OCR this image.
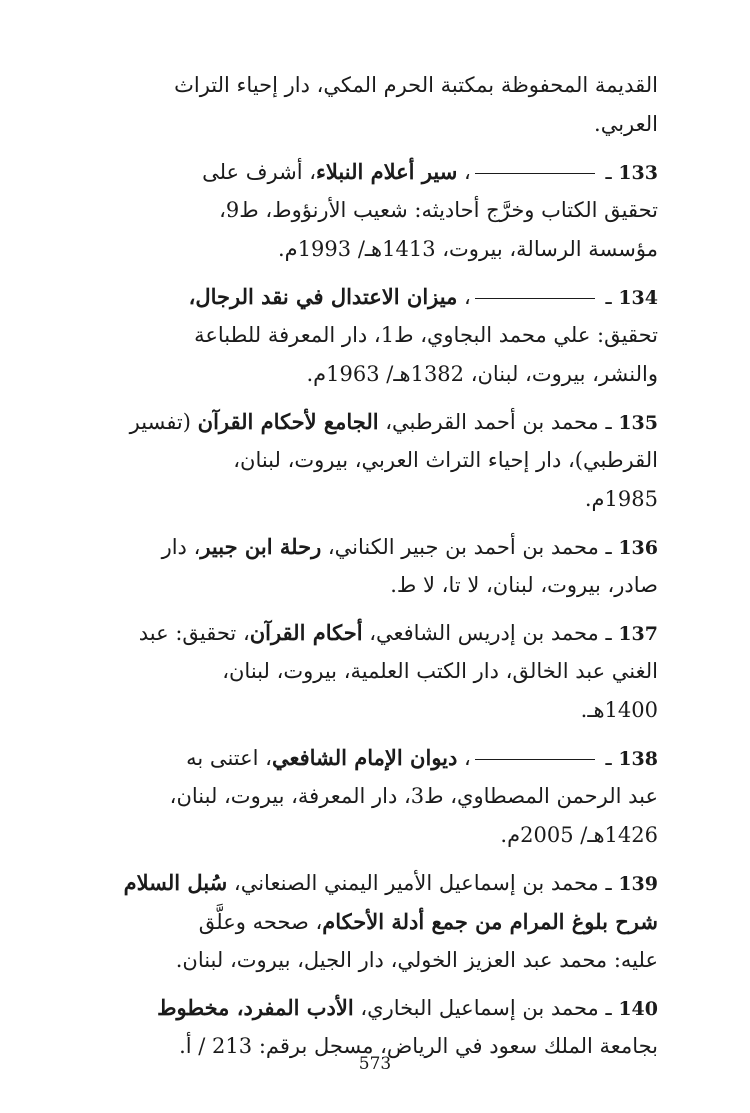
القديمة المحفوظة بمكتبة الحرم المكي، دار إحياء التراث
العربي.
133 ـ ، سير أعلام النبلاء، أشرف على
تحقيق الكتاب وخرَّج أحاديثه: شعيب الأرنؤوط، ط9،
مؤسسة الرسالة، بيروت، 1413هـ/ 1993م.
134 ـ ، ميزان الاعتدال في نقد الرجال،
تحقيق: علي محمد البجاوي، ط1، دار المعرفة للطباعة
والنشر، بيروت، لبنان، 1382هـ/ 1963م.
135 ـ محمد بن أحمد القرطبي، الجامع لأحكام القرآن (تفسير
القرطبي)، دار إحياء التراث العربي، بيروت، لبنان،
1985م.
136 ـ محمد بن أحمد بن جبير الكناني، رحلة ابن جبير، دار
صادر، بيروت، لبنان، لا تا، لا ط.
137 ـ محمد بن إدريس الشافعي، أحكام القرآن، تحقيق: عبد
الغني عبد الخالق، دار الكتب العلمية، بيروت، لبنان،
1400هـ.
138 ـ ، ديوان الإمام الشافعي، اعتنى به
عبد الرحمن المصطاوي، ط3، دار المعرفة، بيروت، لبنان،
1426هـ/ 2005م.
139 ـ محمد بن إسماعيل الأمير اليمني الصنعاني، سُبل السلام
شرح بلوغ المرام من جمع أدلة الأحكام، صححه وعلَّق
عليه: محمد عبد العزيز الخولي، دار الجيل، بيروت، لبنان.
140 ـ محمد بن إسماعيل البخاري، الأدب المفرد، مخطوط
بجامعة الملك سعود في الرياض، مسجل برقم: 213 / أ.
573
